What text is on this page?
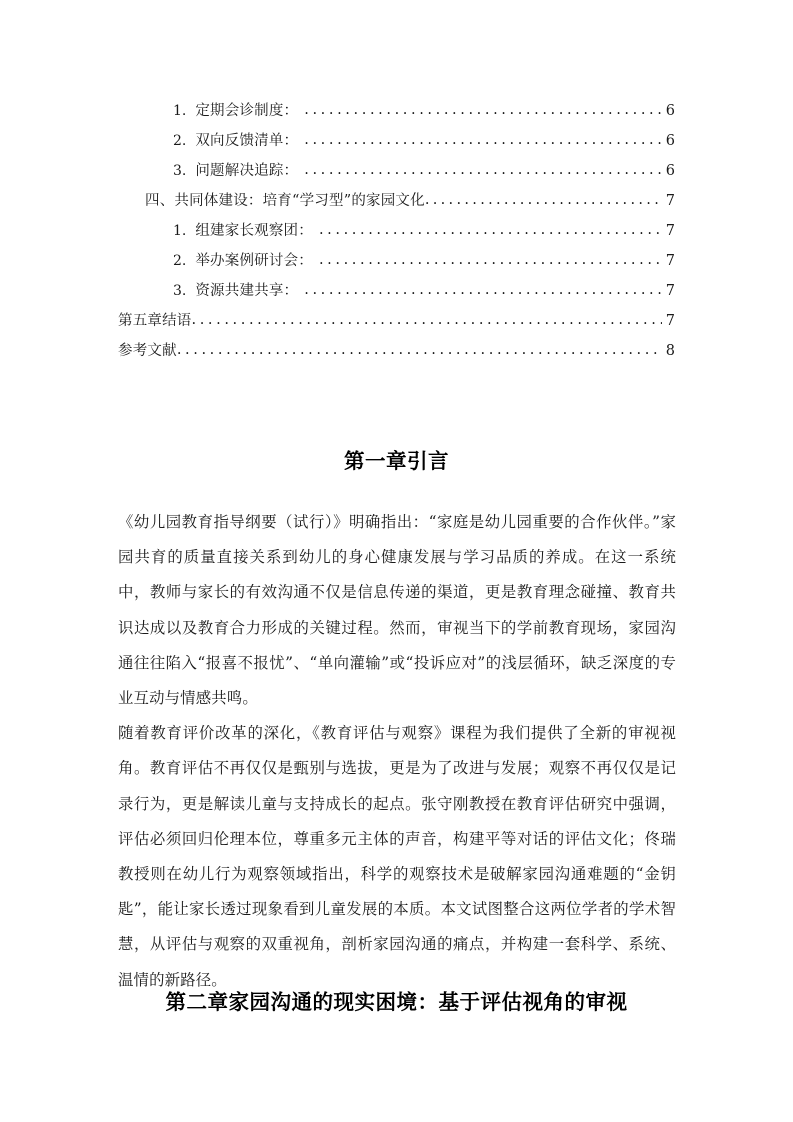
1. 定期会诊制度： .....	6
2. 双向反馈清单： .....	6
3. 问题解决追踪： .....	6
四、共同体建设：培育“学习型”的家园文化 .....	7
1. 组建家长观察团： .....	7
2. 举办案例研讨会： .....	7
3. 资源共建共享： .....	7
第五章结语 .....	7
参考文献 .....	8
第一章引言

《幼儿园教育指导纲要（试行）》明确指出：“家庭是幼儿园重要的合作伙伴。”家园共育的质量直接关系到幼儿的身心健康发展与学习品质的养成。在这一系统中，教师与家长的有效沟通不仅是信息传递的渠道，更是教育理念碰撞、教育共识达成以及教育合力形成的关键过程。然而，审视当下的学前教育现场，家园沟通往往陷入“报喜不报忧”、“单向灌输”或“投诉应对”的浅层循环，缺乏深度的专业互动与情感共鸣。

随着教育评价改革的深化，《教育评估与观察》课程为我们提供了全新的审视视角。教育评估不再仅仅是甄别与选拔，更是为了改进与发展；观察不再仅仅是记录行为，更是解读儿童与支持成长的起点。张守刚教授在教育评估研究中强调，评估必须回归伦理本位，尊重多元主体的声音，构建平等对话的评估文化；佟瑞教授则在幼儿行为观察领域指出，科学的观察技术是破解家园沟通难题的“金钥匙”，能让家长透过现象看到儿童发展的本质。本文试图整合这两位学者的学术智慧，从评估与观察的双重视角，剖析家园沟通的痛点，并构建一套科学、系统、温情的新路径。

第二章家园沟通的现实困境：基于评估视角的审视
